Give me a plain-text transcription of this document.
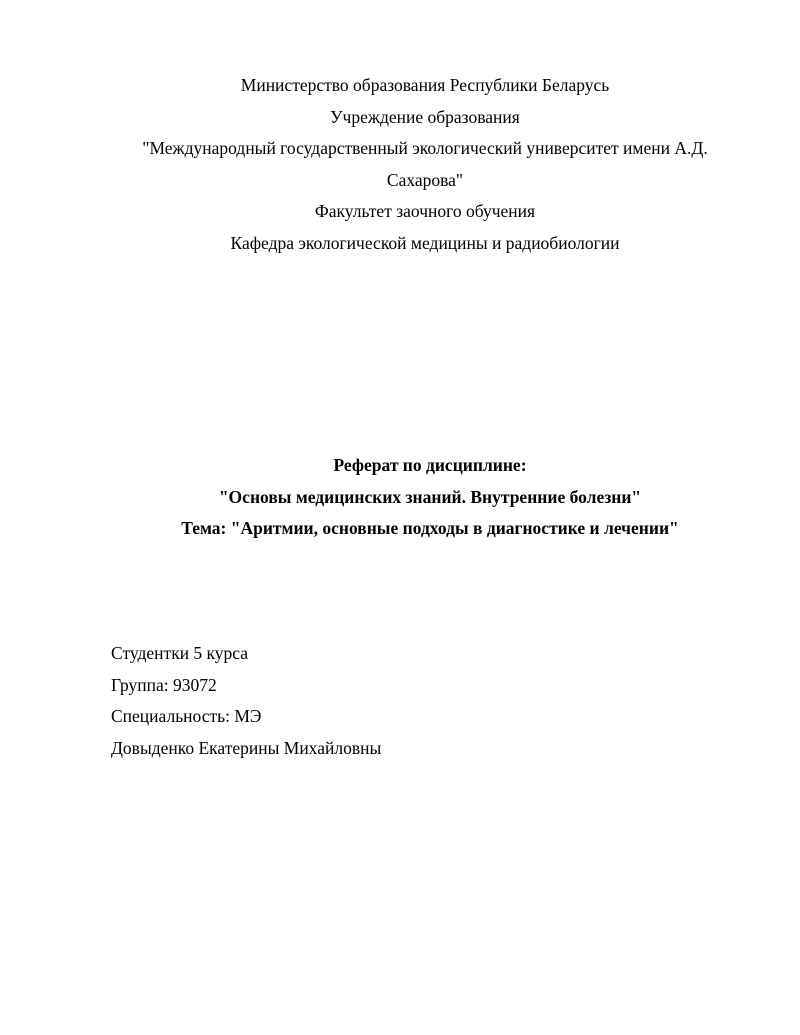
Министерство образования Республики Беларусь
Учреждение образования
"Международный государственный экологический университет имени А.Д.
Сахарова"
Факультет заочного обучения
Кафедра экологической медицины и радиобиологии
Реферат по дисциплине:
"Основы медицинских знаний. Внутренние болезни"
Тема: "Аритмии, основные подходы в диагностике и лечении"
Студентки 5 курса
Группа: 93072
Специальность: МЭ
Довыденко Екатерины Михайловны
